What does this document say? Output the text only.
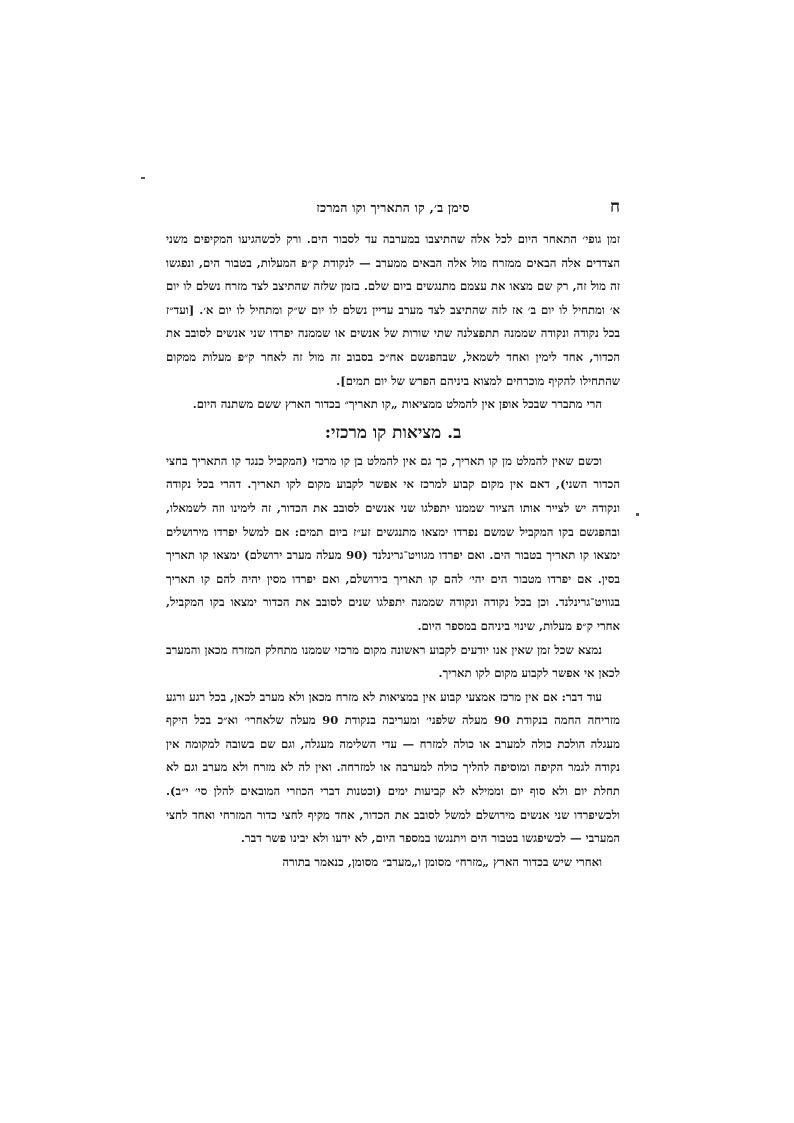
ח
סימן ב׳, קו התאריך וקו המרכז

זמן גופי׳ התאחר היום לכל אלה שהתיצבו במערבה עד לסבור הים. ורק לכשהגיעו המקיפים משני הצדדים אלה הבאים ממזרח מול אלה הבאים ממערב — לנקודת ק״פ המעלות, בטבור הים, ונפגשו זה מול זה, רק שם מצאו את עצמם מתנגשים ביום שלם. בזמן שלזה שהתיצב לצד מזרח נשלם לו יום א׳ ומתחיל לו יום ב׳ אז לזה שהתיצב לצד מערב עדיין נשלם לו יום ש״ק ומתחיל לו יום א׳. [ועד״ז בכל נקודה ונקודה שממנה תתפצלנה שתי שורות של אנשים או שממנה יפרדו שני אנשים לסובב את הכדור, אחד לימין ואחד לשמאל, שבהפגשם אח״כ בסבוב זה מול זה לאחר ק״פ מעלות ממקום שהתחילו להקיף מוכרחים למצוא ביניהם הפרש של יום תמים].

הרי מתברר שבכל אופן אין להמלט ממציאות „קו תאריך״ בכדור הארץ ששם משתנה היום.

ב. מציאות קו מרכזי:

וכשם שאין להמלט מן קו תאריך, כך גם אין להמלט בן קו מרכזי (המקביל כנגד קו התאריך בחצי הכדור השני), דאם אין מקום קבוע למרכז אי אפשר לקבוע מקום לקו תאריך. דהרי בכל נקודה ונקודה יש לצייר אותו הציור שממנו יתפלגו שני אנשים לסובב את הכדור, זה לימינו וזה לשמאלו, ובהפגשם בקו המקביל שמשם נפרדו ימצאו מתנגשים זע״ז ביום תמים: אם למשל יפרדו מירושלים ימצאו קו תאריך בטבור הים. ואם יפרדו מגוויט־גרינלנד (90 מעלה מערב ירושלם) ימצאו קו תאריך בסין. אם יפרדו מטבור הים יהי׳ להם קו תאריך בירושלם, ואם יפרדו מסין יהיה להם קו תאריך בגוויט־גרינלנד. וכן בכל נקודה ונקודה שממנה יתפלגו שנים לסובב את הכדור ימצאו בקו המקביל, אחרי ק״פ מעלות, שינוי ביניהם במספר היום.

נמצא שכל זמן שאין אנו יודעים לקבוע ראשונה מקום מרכזי שממנו מתחלק המזרח מכאן והמערב לכאן אי אפשר לקבוע מקום לקו תאריך.

עוד דבר: אם אין מרכז אמצעי קבוע אין במציאות לא מזרח מכאן ולא מערב לכאן, בכל רגע ורגע מזריחה החמה בנקודת 90 מעלה שלפני׳ ומעריבה בנקודת 90 מעלה שלאחרי׳ וא״כ בכל היקף מעגלה הולכת כולה למערב או כולה למזרח — עדי השלימה מעגלה, וגם שם בשובה למקומה אין נקודה לגמר הקיפה ומוסיפה להליך כולה למערבה או למזרחה. ואין לה לא מזרח ולא מערב וגם לא תחלת יום ולא סוף יום וממילא לא קביעות ימים (וכטנות דברי הכוזרי המובאים להלן סי׳ י״ב). ולכשיפרדו שני אנשים מירושלם למשל לסובב את הכדור, אחד מקיף לחצי כדור המזרחי ואחד לחצי המערבי — לכשיפגשו בטבור הים ויתנגשו במספר היום, לא ידעו ולא יבינו פשר דבר.

ואחרי שיש בכדור הארץ „מזרח״ מסומן ו„מערב״ מסומן, כנאמר בתורה
